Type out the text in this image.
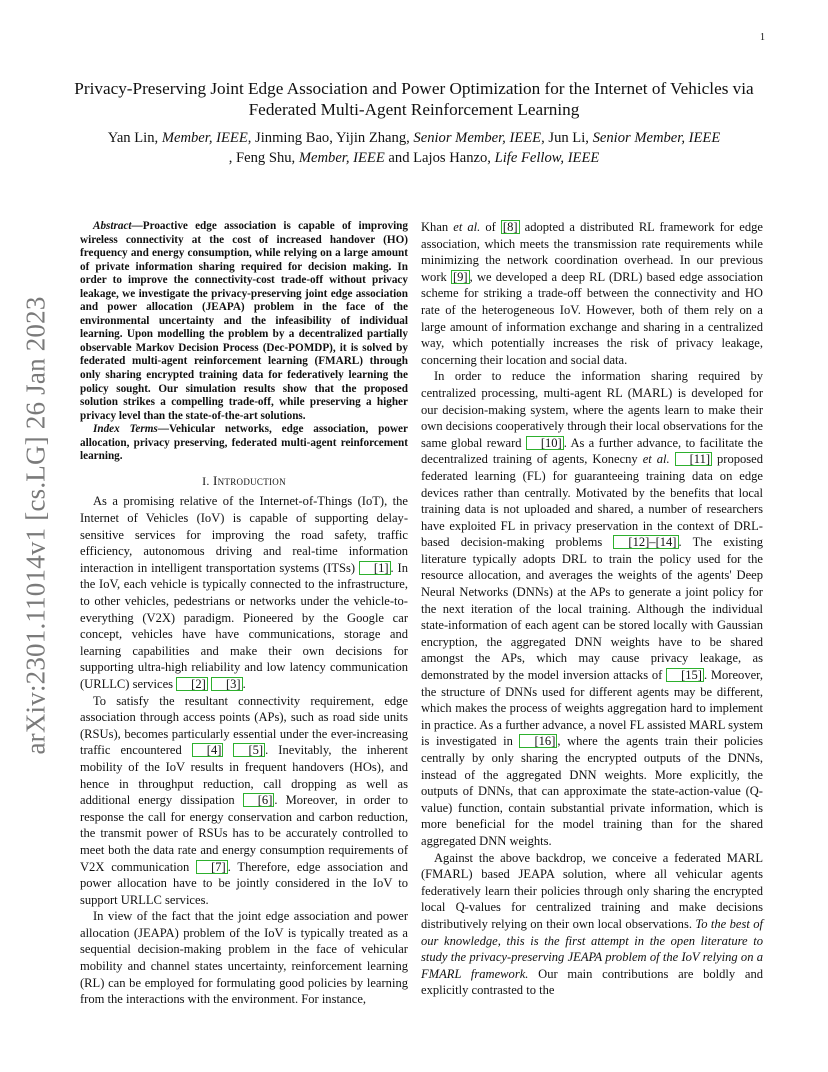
1
arXiv:2301.11014v1 [cs.LG] 26 Jan 2023
Privacy-Preserving Joint Edge Association and Power Optimization for the Internet of Vehicles via Federated Multi-Agent Reinforcement Learning
Yan Lin, Member, IEEE, Jinming Bao, Yijin Zhang, Senior Member, IEEE, Jun Li, Senior Member, IEEE
, Feng Shu, Member, IEEE and Lajos Hanzo, Life Fellow, IEEE

Abstract—Proactive edge association is capable of improving wireless connectivity at the cost of increased handover (HO) frequency and energy consumption, while relying on a large amount of private information sharing required for decision making. In order to improve the connectivity-cost trade-off without privacy leakage, we investigate the privacy-preserving joint edge association and power allocation (JEAPA) problem in the face of the environmental uncertainty and the infeasibility of individual learning. Upon modelling the problem by a decentralized partially observable Markov Decision Process (Dec-POMDP), it is solved by federated multi-agent reinforcement learning (FMARL) through only sharing encrypted training data for federatively learning the policy sought. Our simulation results show that the proposed solution strikes a compelling trade-off, while preserving a higher privacy level than the state-of-the-art solutions.

Index Terms—Vehicular networks, edge association, power allocation, privacy preserving, federated multi-agent reinforcement learning.

I. Introduction

As a promising relative of the Internet-of-Things (IoT), the Internet of Vehicles (IoV) is capable of supporting delay-sensitive services for improving the road safety, traffic efficiency, autonomous driving and real-time information interaction in intelligent transportation systems (ITSs) [1] . In the IoV, each vehicle is typically connected to the infrastructure, to other vehicles, pedestrians or networks under the vehicle-to-everything (V2X) paradigm. Pioneered by the Google car concept, vehicles have have communications, storage and learning capabilities and make their own decisions for supporting ultra-high reliability and low latency communication (URLLC) services [2] [3] .

To satisfy the resultant connectivity requirement, edge association through access points (APs), such as road side units (RSUs), becomes particularly essential under the ever-increasing traffic encountered [4] [5] . Inevitably, the inherent mobility of the IoV results in frequent handovers (HOs), and hence in throughput reduction, call dropping as well as additional energy dissipation [6] . Moreover, in order to response the call for energy conservation and carbon reduction, the transmit power of RSUs has to be accurately controlled to meet both the data rate and energy consumption requirements of V2X communication [7] . Therefore, edge association and power allocation have to be jointly considered in the IoV to support URLLC services.

In view of the fact that the joint edge association and power allocation (JEAPA) problem of the IoV is typically treated as a sequential decision-making problem in the face of vehicular mobility and channel states uncertainty, reinforcement learning (RL) can be employed for formulating good policies by learning from the interactions with the environment. For instance,

Khan et al. of [8] adopted a distributed RL framework for edge association, which meets the transmission rate requirements while minimizing the network coordination overhead. In our previous work [9] , we developed a deep RL (DRL) based edge association scheme for striking a trade-off between the connectivity and HO rate of the heterogeneous IoV. However, both of them rely on a large amount of information exchange and sharing in a centralized way, which potentially increases the risk of privacy leakage, concerning their location and social data.

In order to reduce the information sharing required by centralized processing, multi-agent RL (MARL) is developed for our decision-making system, where the agents learn to make their own decisions cooperatively through their local observations for the same global reward [10] . As a further advance, to facilitate the decentralized training of agents, Konecny et al. [11] proposed federated learning (FL) for guaranteeing training data on edge devices rather than centrally. Motivated by the benefits that local training data is not uploaded and shared, a number of researchers have exploited FL in privacy preservation in the context of DRL-based decision-making problems [12]–[14] . The existing literature typically adopts DRL to train the policy used for the resource allocation, and averages the weights of the agents' Deep Neural Networks (DNNs) at the APs to generate a joint policy for the next iteration of the local training. Although the individual state-information of each agent can be stored locally with Gaussian encryption, the aggregated DNN weights have to be shared amongst the APs, which may cause privacy leakage, as demonstrated by the model inversion attacks of [15] . Moreover, the structure of DNNs used for different agents may be different, which makes the process of weights aggregation hard to implement in practice. As a further advance, a novel FL assisted MARL system is investigated in [16] , where the agents train their policies centrally by only sharing the encrypted outputs of the DNNs, instead of the aggregated DNN weights. More explicitly, the outputs of DNNs, that can approximate the state-action-value (Q-value) function, contain substantial private information, which is more beneficial for the model training than for the shared aggregated DNN weights.

Against the above backdrop, we conceive a federated MARL (FMARL) based JEAPA solution, where all vehicular agents federatively learn their policies through only sharing the encrypted local Q-values for centralized training and make decisions distributively relying on their own local observations. To the best of our knowledge, this is the first attempt in the open literature to study the privacy-preserving JEAPA problem of the IoV relying on a FMARL framework. Our main contributions are boldly and explicitly contrasted to the
